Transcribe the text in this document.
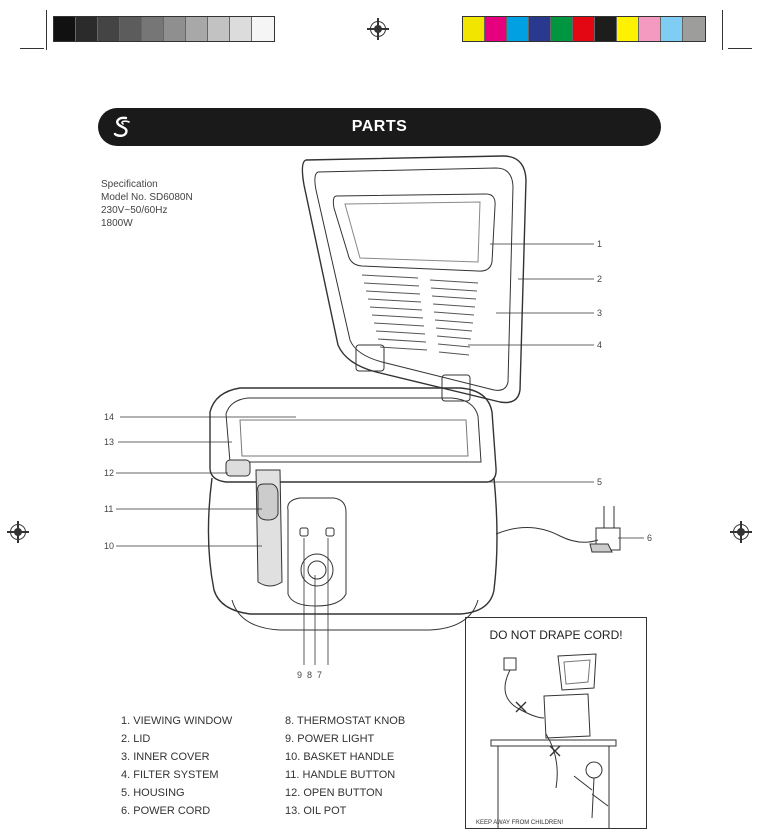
PARTS
Specification
Model No. SD6080N
230V~50/60Hz
1800W
1
2
3
4
5
6
14
13
12
11
10
9  8  7
1. VIEWING WINDOW
2. LID
3. INNER COVER
4. FILTER SYSTEM
5. HOUSING
6. POWER CORD
8. THERMOSTAT KNOB
9. POWER LIGHT
10. BASKET HANDLE
11. HANDLE BUTTON
12. OPEN BUTTON
13. OIL POT
DO NOT DRAPE CORD!
KEEP AWAY FROM CHILDREN!
